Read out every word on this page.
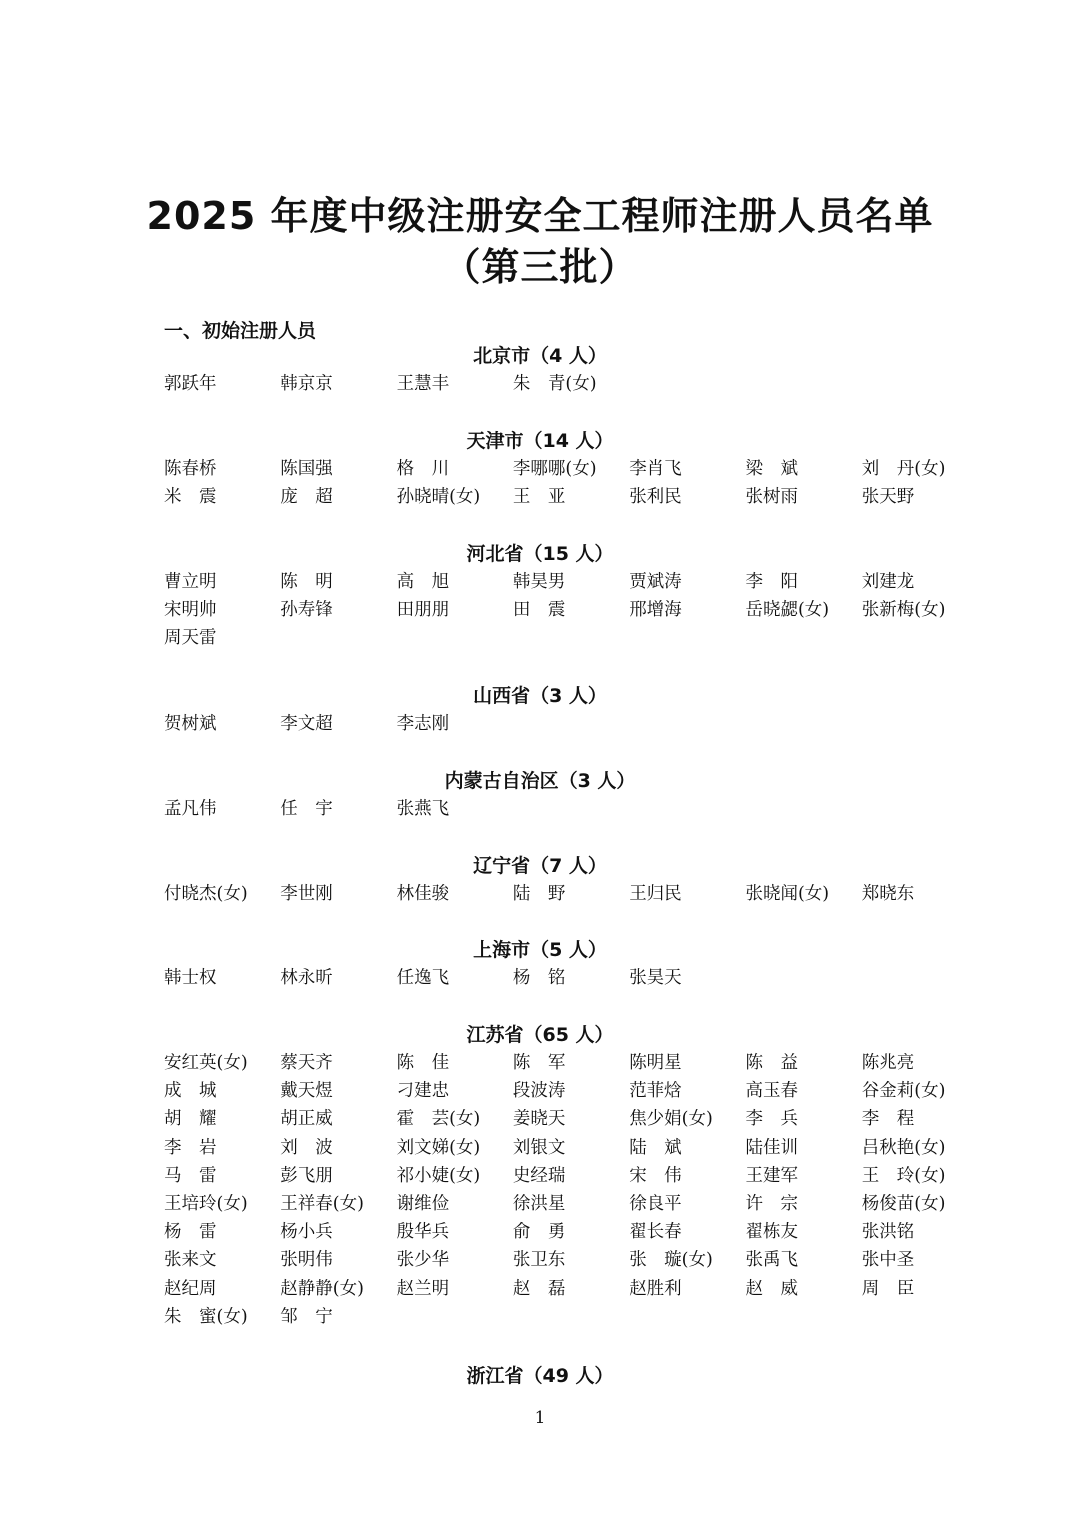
2025 年度中级注册安全工程师注册人员名单
（第三批）
一、初始注册人员
北京市（4 人）
郭跃年	韩京京	王慧丰	朱　青(女)
天津市（14 人）
陈春桥	陈国强	格　川	李哪哪(女)	李肖飞	梁　斌	刘　丹(女)
米　震	庞　超	孙晓晴(女)	王　亚	张利民	张树雨	张天野
河北省（15 人）
曹立明	陈　明	高　旭	韩昊男	贾斌涛	李　阳	刘建龙
宋明帅	孙寿锋	田朋朋	田　震	邢增海	岳晓勰(女)	张新梅(女)
周天雷
山西省（3 人）
贺树斌	李文超	李志刚
内蒙古自治区（3 人）
孟凡伟	任　宇	张燕飞
辽宁省（7 人）
付晓杰(女)	李世刚	林佳骏	陆　野	王归民	张晓闻(女)	郑晓东
上海市（5 人）
韩士权	林永昕	任逸飞	杨　铭	张昊天
江苏省（65 人）
安红英(女)	蔡天齐	陈　佳	陈　军	陈明星	陈　益	陈兆亮
成　城	戴天煜	刁建忠	段波涛	范菲焓	高玉春	谷金莉(女)
胡　耀	胡正威	霍　芸(女)	姜晓天	焦少娟(女)	李　兵	李　程
李　岩	刘　波	刘文娣(女)	刘银文	陆　斌	陆佳训	吕秋艳(女)
马　雷	彭飞朋	祁小婕(女)	史经瑞	宋　伟	王建军	王　玲(女)
王培玲(女)	王祥春(女)	谢维俭	徐洪星	徐良平	许　宗	杨俊苗(女)
杨　雷	杨小兵	殷华兵	俞　勇	翟长春	翟栋友	张洪铭
张来文	张明伟	张少华	张卫东	张　璇(女)	张禹飞	张中圣
赵纪周	赵静静(女)	赵兰明	赵　磊	赵胜利	赵　威	周　臣
朱　蜜(女)	邹　宁
浙江省（49 人）
1
